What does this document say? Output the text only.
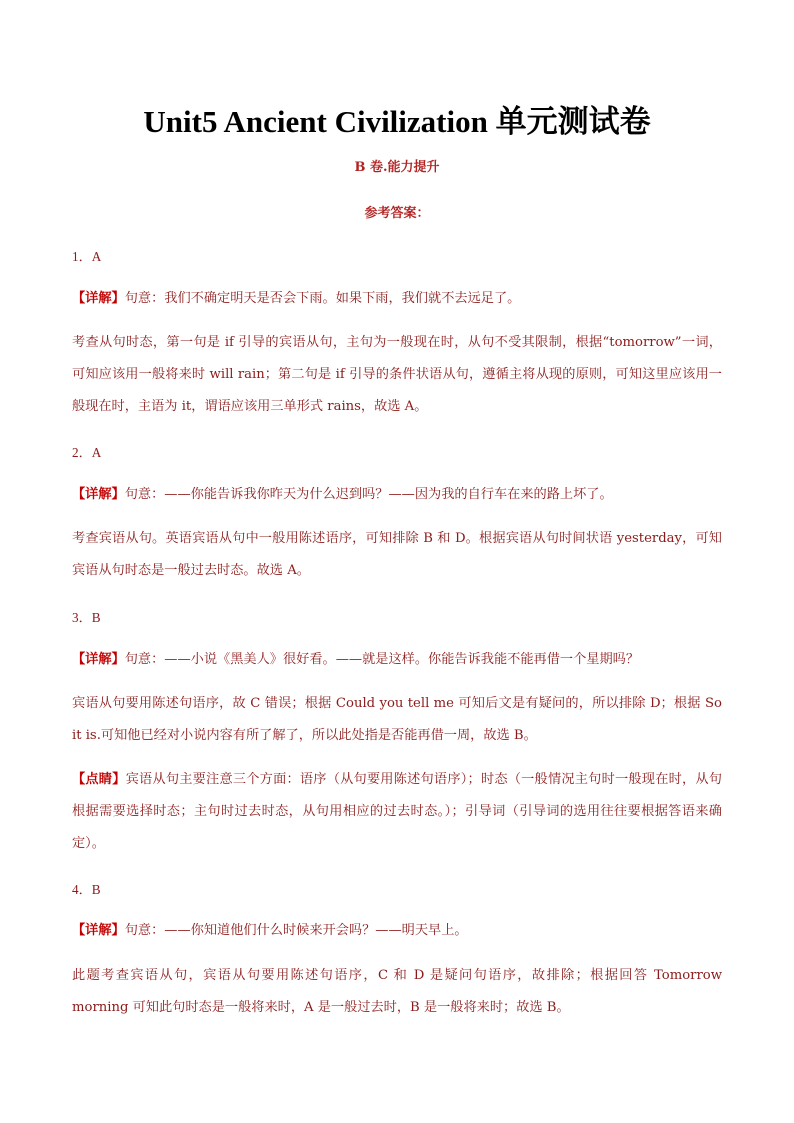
Unit5 Ancient Civilization 单元测试卷
B 卷.能力提升
参考答案：
1．A
【详解】句意：我们不确定明天是否会下雨。如果下雨，我们就不去远足了。
考查从句时态，第一句是 if 引导的宾语从句，主句为一般现在时，从句不受其限制，根据“tomorrow”一词，可知应该用一般将来时 will rain；第二句是 if 引导的条件状语从句，遵循主将从现的原则，可知这里应该用一般现在时，主语为 it，谓语应该用三单形式 rains，故选 A。
2．A
【详解】句意：——你能告诉我你昨天为什么迟到吗？——因为我的自行车在来的路上坏了。
考查宾语从句。英语宾语从句中一般用陈述语序，可知排除 B 和 D。根据宾语从句时间状语 yesterday，可知宾语从句时态是一般过去时态。故选 A。
3．B
【详解】句意：——小说《黑美人》很好看。——就是这样。你能告诉我能不能再借一个星期吗？
宾语从句要用陈述句语序，故 C 错误；根据 Could you tell me 可知后文是有疑问的，所以排除 D；根据 So it is.可知他已经对小说内容有所了解了，所以此处指是否能再借一周，故选 B。
【点睛】宾语从句主要注意三个方面：语序（从句要用陈述句语序）；时态（一般情况主句时一般现在时，从句根据需要选择时态；主句时过去时态，从句用相应的过去时态。）；引导词（引导词的选用往往要根据答语来确定）。
4．B
【详解】句意：——你知道他们什么时候来开会吗？——明天早上。
此题考查宾语从句，宾语从句要用陈述句语序，C 和 D 是疑问句语序，故排除；根据回答 Tomorrow morning 可知此句时态是一般将来时，A 是一般过去时，B 是一般将来时；故选 B。
